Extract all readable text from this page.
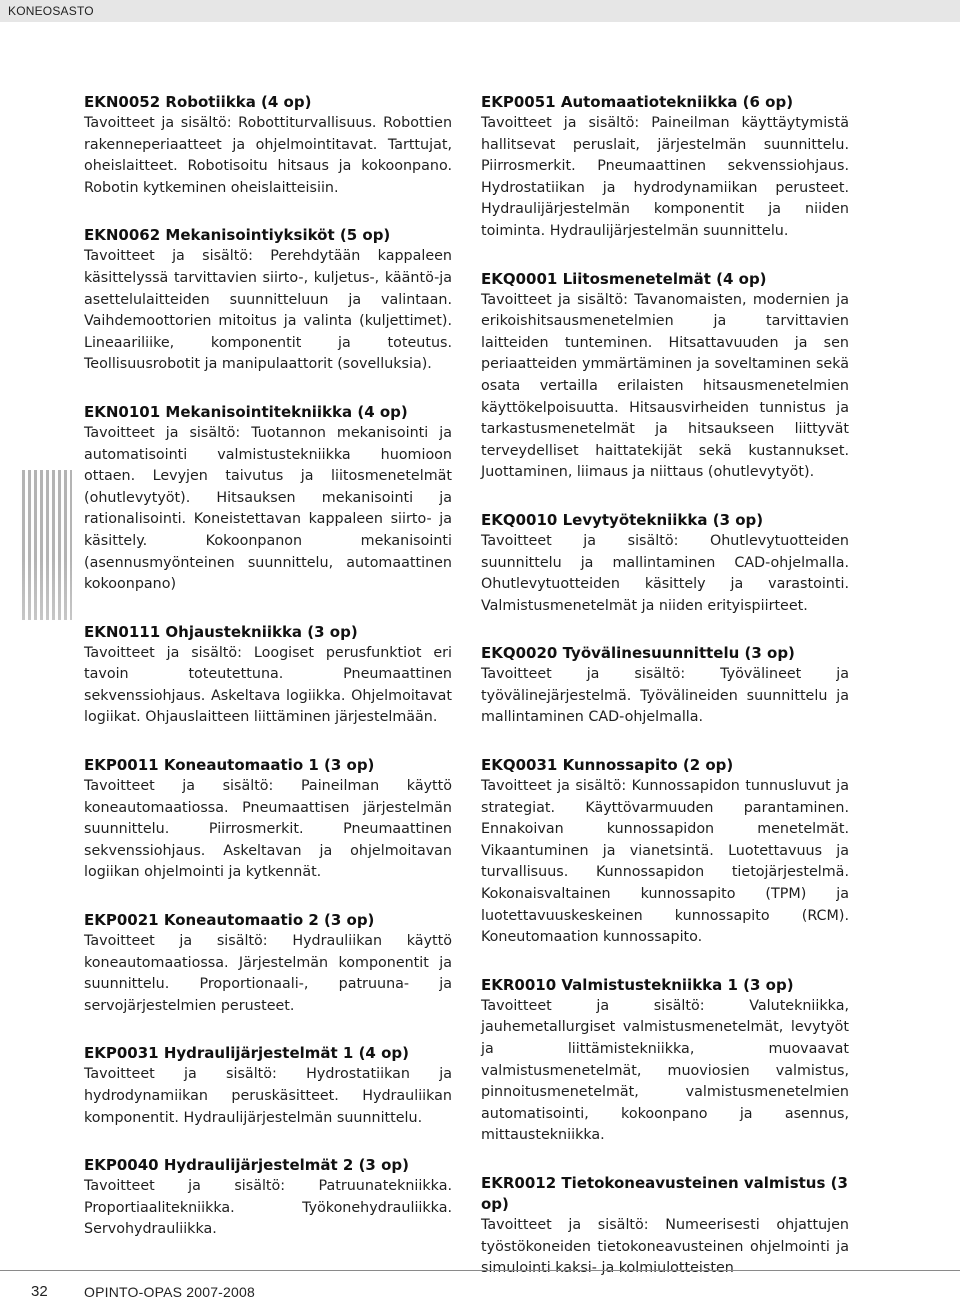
KONEOSASTO
EKN0052 Robotiikka (4 op)

Tavoitteet ja sisältö: Robottiturvallisuus. Robottien rakenneperiaatteet ja ohjelmointitavat. Tarttujat, oheislaitteet. Robotisoitu hitsaus ja kokoonpano. Robotin kytkeminen oheislaitteisiin.

EKN0062 Mekanisointiyksiköt (5 op)

Tavoitteet ja sisältö: Perehdytään kappaleen käsittelyssä tarvittavien siirto-, kuljetus-, kääntö-ja asettelulaitteiden suunnitteluun ja valintaan. Vaihdemoottorien mitoitus ja valinta (kuljettimet). Lineaariliike, komponentit ja toteutus. Teollisuusrobotit ja manipulaattorit (sovelluksia).

EKN0101 Mekanisointitekniikka (4 op)

Tavoitteet ja sisältö: Tuotannon mekanisointi ja automatisointi valmistustekniikka huomioon ottaen. Levyjen taivutus ja liitosmenetelmät (ohutlevytyöt). Hitsauksen mekanisointi ja rationalisointi. Koneistettavan kappaleen siirto- ja käsittely. Kokoonpanon mekanisointi (asennusmyönteinen suunnittelu, automaattinen kokoonpano)

EKN0111 Ohjaustekniikka (3 op)

Tavoitteet ja sisältö: Loogiset perusfunktiot eri tavoin toteutettuna. Pneumaattinen sekvenssiohjaus. Askeltava logiikka. Ohjelmoitavat logiikat. Ohjauslaitteen liittäminen järjestelmään.

EKP0011 Koneautomaatio 1 (3 op)

Tavoitteet ja sisältö: Paineilman käyttö koneautomaatiossa. Pneumaattisen järjestelmän suunnittelu. Piirrosmerkit. Pneumaattinen sekvenssiohjaus. Askeltavan ja ohjelmoitavan logiikan ohjelmointi ja kytkennät.

EKP0021 Koneautomaatio 2 (3 op)

Tavoitteet ja sisältö: Hydrauliikan käyttö koneautomaatiossa. Järjestelmän komponentit ja suunnittelu. Proportionaali-, patruuna- ja servojärjestelmien perusteet.

EKP0031 Hydraulijärjestelmät 1 (4 op)

Tavoitteet ja sisältö: Hydrostatiikan ja hydrodynamiikan peruskäsitteet. Hydrauliikan komponentit. Hydraulijärjestelmän suunnittelu.

EKP0040 Hydraulijärjestelmät 2 (3 op)

Tavoitteet ja sisältö: Patruunatekniikka. Proportiaalitekniikka. Työkonehydrauliikka. Servohydrauliikka.

EKP0051 Automaatiotekniikka (6 op)

Tavoitteet ja sisältö: Paineilman käyttäytymistä hallitsevat peruslait, järjestelmän suunnittelu. Piirrosmerkit. Pneumaattinen sekvenssiohjaus. Hydrostatiikan ja hydrodynamiikan perusteet. Hydraulijärjestelmän komponentit ja niiden toiminta. Hydraulijärjestelmän suunnittelu.

EKQ0001 Liitosmenetelmät (4 op)

Tavoitteet ja sisältö: Tavanomaisten, modernien ja erikoishitsausmenetelmien ja tarvittavien laitteiden tunteminen. Hitsattavuuden ja sen periaatteiden ymmärtäminen ja soveltaminen sekä osata vertailla erilaisten hitsausmenetelmien käyttökelpoisuutta. Hitsausvirheiden tunnistus ja tarkastusmenetelmät ja hitsaukseen liittyvät terveydelliset haittatekijät sekä kustannukset. Juottaminen, liimaus ja niittaus (ohutlevytyöt).

EKQ0010 Levytyötekniikka (3 op)

Tavoitteet ja sisältö: Ohutlevytuotteiden suunnittelu ja mallintaminen CAD-ohjelmalla. Ohutlevytuotteiden käsittely ja varastointi. Valmistusmenetelmät ja niiden erityispiirteet.

EKQ0020 Työvälinesuunnittelu (3 op)

Tavoitteet ja sisältö: Työvälineet ja työvälinejärjestelmä. Työvälineiden suunnittelu ja mallintaminen CAD-ohjelmalla.

EKQ0031 Kunnossapito (2 op)

Tavoitteet ja sisältö: Kunnossapidon tunnusluvut ja strategiat. Käyttövarmuuden parantaminen. Ennakoivan kunnossapidon menetelmät. Vikaantuminen ja vianetsintä. Luotettavuus ja turvallisuus. Kunnossapidon tietojärjestelmä. Kokonaisvaltainen kunnossapito (TPM) ja luotettavuuskeskeinen kunnossapito (RCM). Koneutomaation kunnossapito.

EKR0010 Valmistustekniikka 1 (3 op)

Tavoitteet ja sisältö: Valutekniikka, jauhemetallurgiset valmistusmenetelmät, levytyöt ja liittämistekniikka, muovaavat valmistusmenetelmät, muoviosien valmistus, pinnoitusmenetelmät, valmistusmenetelmien automatisointi, kokoonpano ja asennus, mittaustekniikka.

EKR0012 Tietokoneavusteinen valmistus (3 op)

Tavoitteet ja sisältö: Numeerisesti ohjattujen työstökoneiden tietokoneavusteinen ohjelmointi ja simulointi kaksi- ja kolmiulotteisten

32	OPINTO-OPAS 2007-2008
